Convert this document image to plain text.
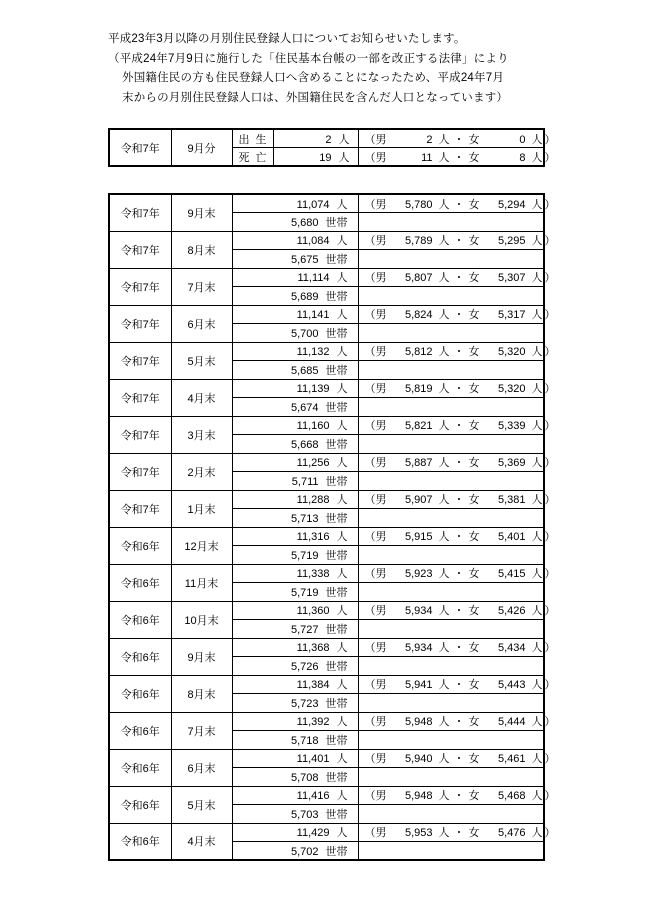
平成23年3月以降の月別住民登録人口についてお知らせいたします。
（平成24年7月9日に施行した「住民基本台帳の一部を改正する法律」により
外国籍住民の方も住民登録人口へ含めることになったため、平成24年7月
末からの月別住民登録人口は、外国籍住民を含んだ人口となっています）
令和7年	9月分	出生	2 人	（男 2 人 ・ 女 0 人 ）
		死亡	19 人	（男 11 人 ・ 女 8 人 ）
令和7年	9月末	11,074 人	（男 5,780 人 ・ 女 5,294 人 ）
		5,680 世帯	
令和7年	8月末	11,084 人	（男 5,789 人 ・ 女 5,295 人 ）
		5,675 世帯	
令和7年	7月末	11,114 人	（男 5,807 人 ・ 女 5,307 人 ）
		5,689 世帯	
令和7年	6月末	11,141 人	（男 5,824 人 ・ 女 5,317 人 ）
		5,700 世帯	
令和7年	5月末	11,132 人	（男 5,812 人 ・ 女 5,320 人 ）
		5,685 世帯	
令和7年	4月末	11,139 人	（男 5,819 人 ・ 女 5,320 人 ）
		5,674 世帯	
令和7年	3月末	11,160 人	（男 5,821 人 ・ 女 5,339 人 ）
		5,668 世帯	
令和7年	2月末	11,256 人	（男 5,887 人 ・ 女 5,369 人 ）
		5,711 世帯	
令和7年	1月末	11,288 人	（男 5,907 人 ・ 女 5,381 人 ）
		5,713 世帯	
令和6年	12月末	11,316 人	（男 5,915 人 ・ 女 5,401 人 ）
		5,719 世帯	
令和6年	11月末	11,338 人	（男 5,923 人 ・ 女 5,415 人 ）
		5,719 世帯	
令和6年	10月末	11,360 人	（男 5,934 人 ・ 女 5,426 人 ）
		5,727 世帯	
令和6年	9月末	11,368 人	（男 5,934 人 ・ 女 5,434 人 ）
		5,726 世帯	
令和6年	8月末	11,384 人	（男 5,941 人 ・ 女 5,443 人 ）
		5,723 世帯	
令和6年	7月末	11,392 人	（男 5,948 人 ・ 女 5,444 人 ）
		5,718 世帯	
令和6年	6月末	11,401 人	（男 5,940 人 ・ 女 5,461 人 ）
		5,708 世帯	
令和6年	5月末	11,416 人	（男 5,948 人 ・ 女 5,468 人 ）
		5,703 世帯	
令和6年	4月末	11,429 人	（男 5,953 人 ・ 女 5,476 人 ）
		5,702 世帯	
